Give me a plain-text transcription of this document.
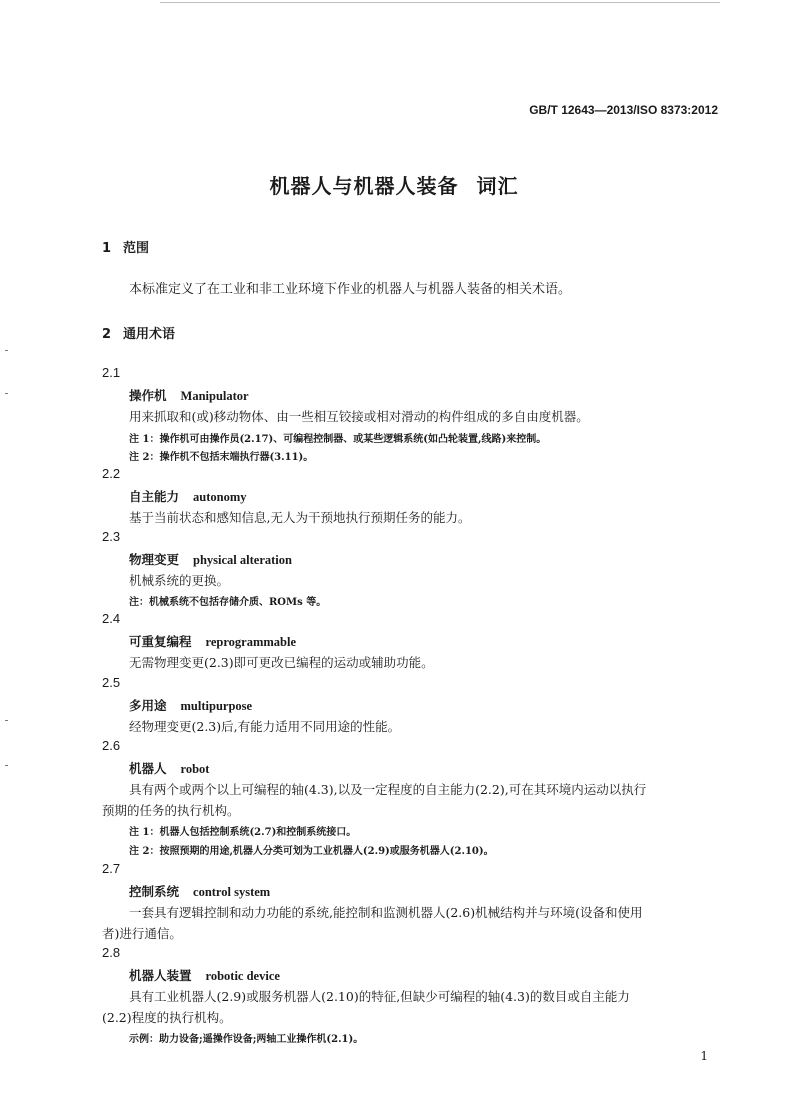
GB/T 12643—2013/ISO 8373:2012
机器人与机器人装备 词汇
1 范围
本标准定义了在工业和非工业环境下作业的机器人与机器人装备的相关术语。
2 通用术语
2.1
操作机 Manipulator
用来抓取和(或)移动物体、由一些相互铰接或相对滑动的构件组成的多自由度机器。
注 1：操作机可由操作员(2.17)、可编程控制器、或某些逻辑系统(如凸轮装置,线路)来控制。
注 2：操作机不包括末端执行器(3.11)。
2.2
自主能力 autonomy
基于当前状态和感知信息,无人为干预地执行预期任务的能力。
2.3
物理变更 physical alteration
机械系统的更换。
注：机械系统不包括存储介质、ROMs 等。
2.4
可重复编程 reprogrammable
无需物理变更(2.3)即可更改已编程的运动或辅助功能。
2.5
多用途 multipurpose
经物理变更(2.3)后,有能力适用不同用途的性能。
2.6
机器人 robot
具有两个或两个以上可编程的轴(4.3),以及一定程度的自主能力(2.2),可在其环境内运动以执行
预期的任务的执行机构。
注 1：机器人包括控制系统(2.7)和控制系统接口。
注 2：按照预期的用途,机器人分类可划为工业机器人(2.9)或服务机器人(2.10)。
2.7
控制系统 control system
一套具有逻辑控制和动力功能的系统,能控制和监测机器人(2.6)机械结构并与环境(设备和使用
者)进行通信。
2.8
机器人装置 robotic device
具有工业机器人(2.9)或服务机器人(2.10)的特征,但缺少可编程的轴(4.3)的数目或自主能力
(2.2)程度的执行机构。
示例：助力设备;遥操作设备;两轴工业操作机(2.1)。
1
